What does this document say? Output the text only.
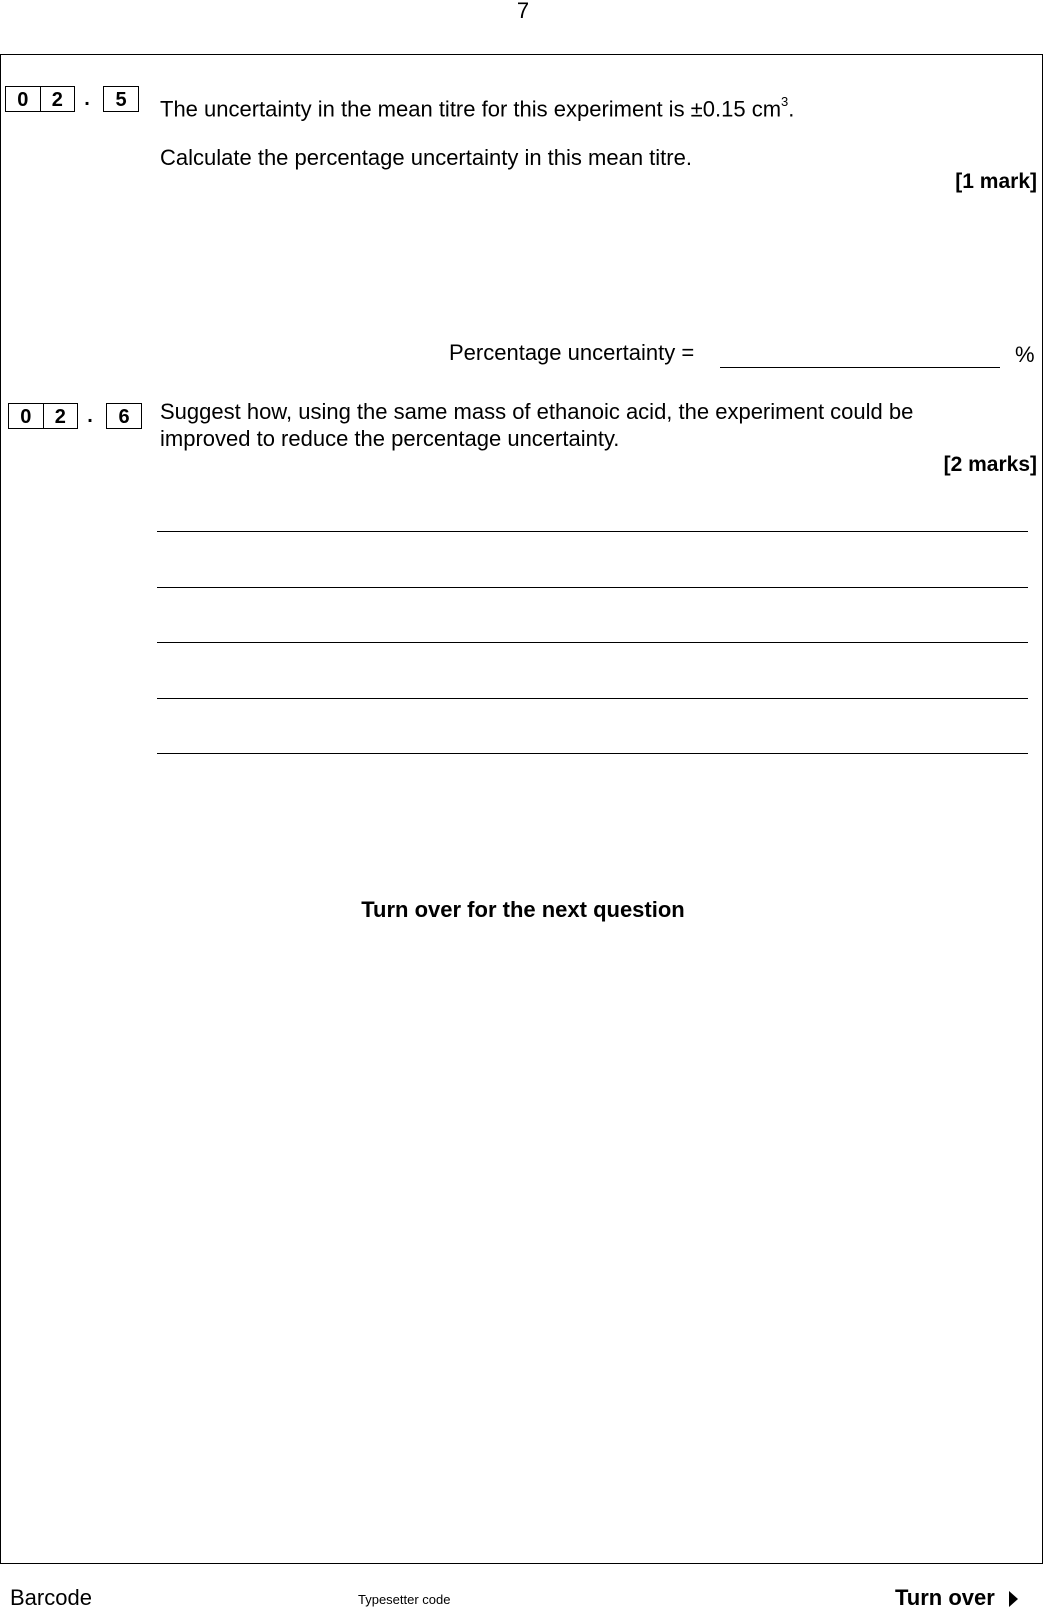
7
0	2	.	5	The uncertainty in the mean titre for this experiment is ±0.15 $cm^3$.
Calculate the percentage uncertainty in this mean titre.
[1 mark]
Percentage uncertainty =	%
0	2	.	6	Suggest how, using the same mass of ethanoic acid, the experiment could be
improved to reduce the percentage uncertainty.
[2 marks]
Turn over for the next question
Barcode	Typesetter code	Turn over
